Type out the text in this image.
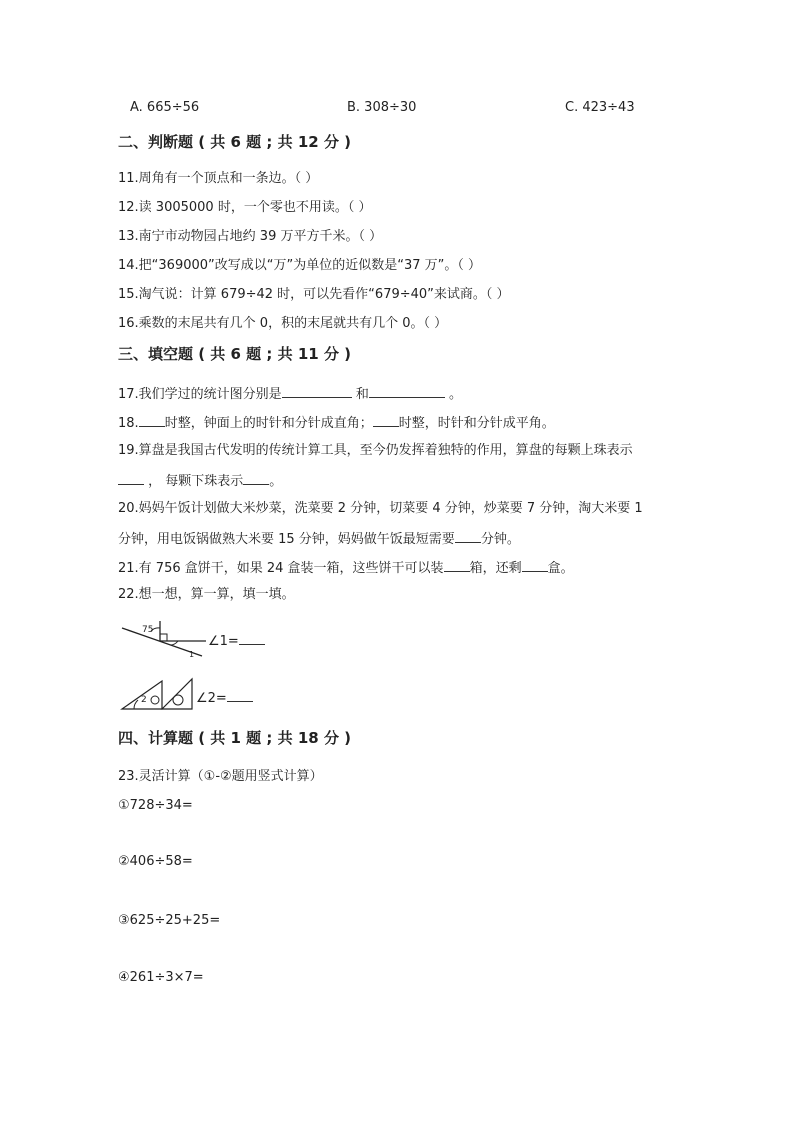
A. 665÷56	B. 308÷30	C. 423÷43
二、判断题 ( 共 6 题 ; 共 12 分 )
11.周角有一个顶点和一条边。（ ）
12.读 3005000 时，一个零也不用读。（ ）
13.南宁市动物园占地约 39 万平方千米。（ ）
14.把“369000”改写成以“万”为单位的近似数是“37 万”。（ ）
15.淘气说：计算 679÷42 时，可以先看作“679÷40”来试商。（ ）
16.乘数的末尾共有几个 0，积的末尾就共有几个 0。（ ）
三、填空题 ( 共 6 题 ; 共 11 分 )
17.我们学过的统计图分别是	和	。
18. 时整，钟面上的时针和分针成直角； 时整，时针和分针成平角。
19.算盘是我国古代发明的传统计算工具，至今仍发挥着独特的作用，算盘的每颗上珠表示
， 每颗下珠表示 。
20.妈妈午饭计划做大米炒菜，洗菜要 2 分钟，切菜要 4 分钟，炒菜要 7 分钟，淘大米要 1
分钟，用电饭锅做熟大米要 15 分钟，妈妈做午饭最短需要 分钟。
21.有 756 盒饼干，如果 24 盒装一箱，这些饼干可以装 箱，还剩 盒。
22.想一想，算一算，填一填。
75
1
∠1=
2	∠2=
四、计算题 ( 共 1 题 ; 共 18 分 )
23.灵活计算（①-②题用竖式计算）
①728÷34=
②406÷58=
③625÷25+25=
④261÷3×7=
